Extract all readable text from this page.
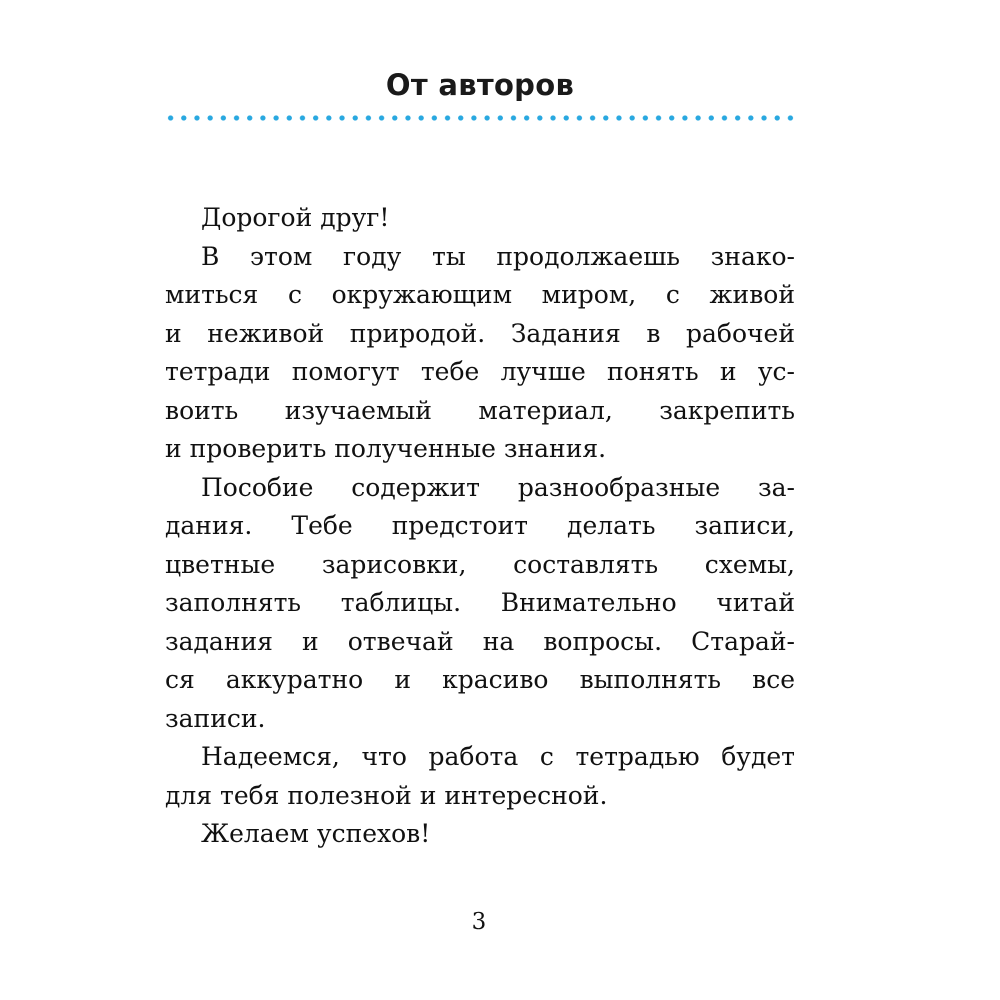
От авторов
Дорогой друг!
В этом году ты продолжаешь знако-
миться с окружающим миром, с живой
и неживой природой. Задания в рабочей
тетради помогут тебе лучше понять и ус-
воить изучаемый материал, закрепить
и проверить полученные знания.
Пособие содержит разнообразные за-
дания. Тебе предстоит делать записи,
цветные зарисовки, составлять схемы,
заполнять таблицы. Внимательно читай
задания и отвечай на вопросы. Старай-
ся аккуратно и красиво выполнять все
записи.
Надеемся, что работа с тетрадью будет
для тебя полезной и интересной.
Желаем успехов!
3
